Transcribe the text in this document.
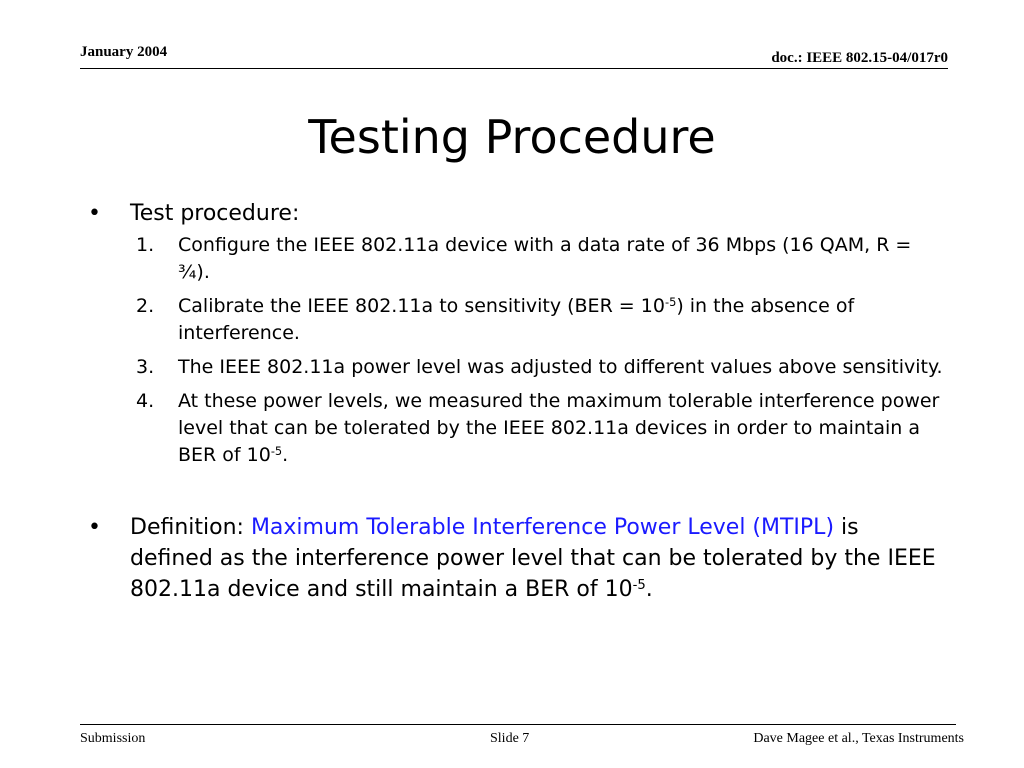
January 2004	doc.: IEEE 802.15-04/017r0
Testing Procedure
• Test procedure:
1. Configure the IEEE 802.11a device with a data rate of 36 Mbps (16 QAM, R = ¾).
2. Calibrate the IEEE 802.11a to sensitivity $(BER = 10^{-5})$ in the absence of interference.
3. The IEEE 802.11a power level was adjusted to different values above sensitivity.
4. At these power levels, we measured the maximum tolerable interference power level that can be tolerated by the IEEE 802.11a devices in order to maintain a BER of $10^{-5}$.
• Definition: Maximum Tolerable Interference Power Level (MTIPL) is defined as the interference power level that can be tolerated by the IEEE 802.11a device and still maintain a BER of $10^{-5}$.
Submission	Slide 7	Dave Magee et al., Texas Instruments
